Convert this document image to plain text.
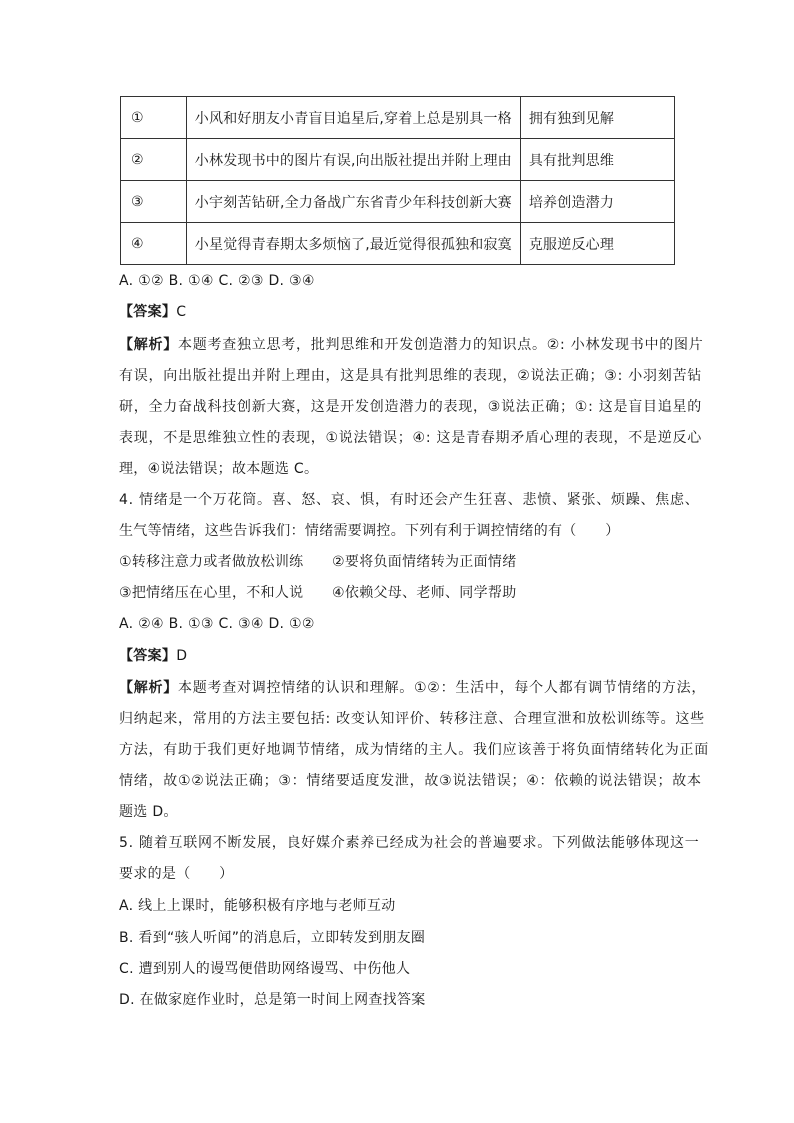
①	小风和好朋友小青盲目追星后,穿着上总是别具一格	拥有独到见解
②	小林发现书中的图片有误,向出版社提出并附上理由	具有批判思维
③	小宇刻苦钻研,全力备战广东省青少年科技创新大赛	培养创造潜力
④	小星觉得青春期太多烦恼了,最近觉得很孤独和寂寞	克服逆反心理
A. ①② B. ①④ C. ②③ D. ③④
【答案】C
【解析】本题考查独立思考，批判思维和开发创造潜力的知识点。②: 小林发现书中的图片
有误，向出版社提出并附上理由，这是具有批判思维的表现，②说法正确；③: 小羽刻苦钻
研，全力奋战科技创新大赛，这是开发创造潜力的表现，③说法正确；①: 这是盲目追星的
表现，不是思维独立性的表现，①说法错误；④: 这是青春期矛盾心理的表现，不是逆反心
理，④说法错误；故本题选 C。
4. 情绪是一个万花筒。喜、怒、哀、惧，有时还会产生狂喜、悲愤、紧张、烦躁、焦虑、
生气等情绪，这些告诉我们：情绪需要调控。下列有利于调控情绪的有（　　）
①转移注意力或者做放松训练　　②要将负面情绪转为正面情绪
③把情绪压在心里，不和人说　　④依赖父母、老师、同学帮助
A. ②④ B. ①③ C. ③④ D. ①②
【答案】D
【解析】本题考查对调控情绪的认识和理解。①②：生活中，每个人都有调节情绪的方法，
归纳起来，常用的方法主要包括: 改变认知评价、转移注意、合理宣泄和放松训练等。这些
方法，有助于我们更好地调节情绪，成为情绪的主人。我们应该善于将负面情绪转化为正面
情绪，故①②说法正确；③：情绪要适度发泄，故③说法错误；④：依赖的说法错误；故本
题选 D。
5. 随着互联网不断发展，良好媒介素养已经成为社会的普遍要求。下列做法能够体现这一
要求的是（　　）
A. 线上上课时，能够积极有序地与老师互动
B. 看到“骇人听闻”的消息后，立即转发到朋友圈
C. 遭到别人的谩骂便借助网络谩骂、中伤他人
D. 在做家庭作业时，总是第一时间上网查找答案
